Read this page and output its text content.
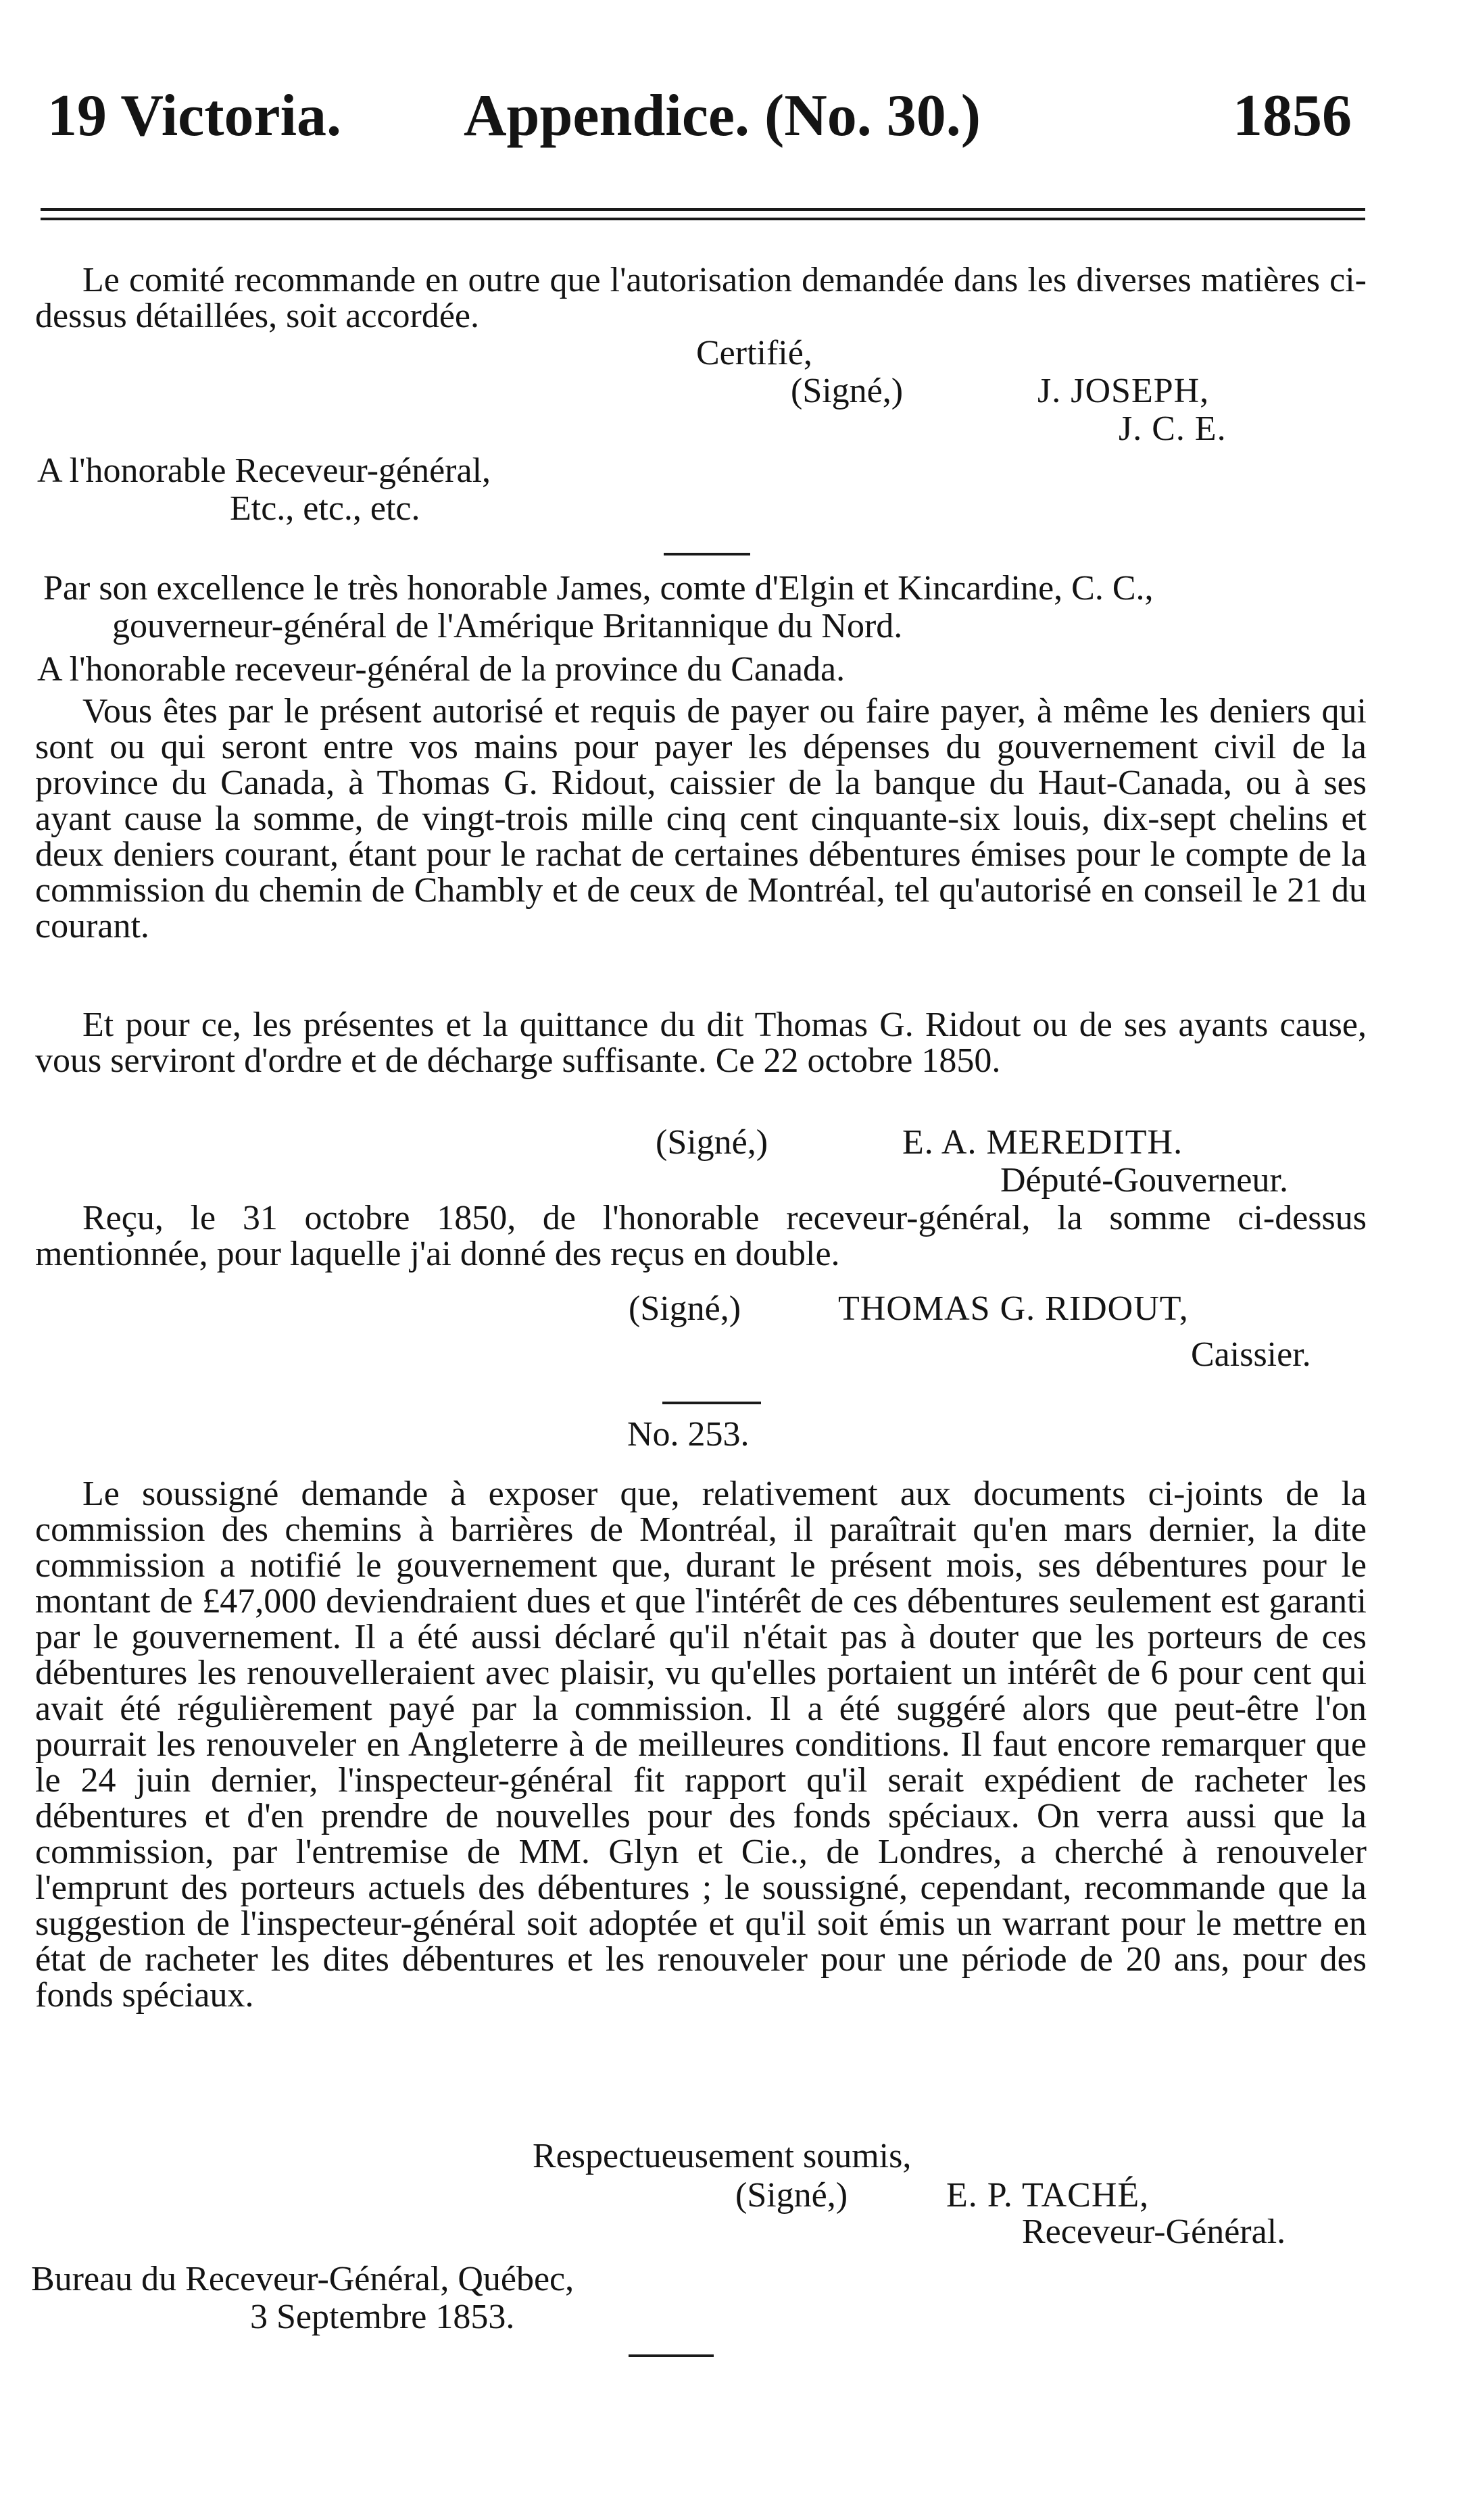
19 Victoria. Appendice. (No. 30.)	1856
Le comité recommande en outre que l'autorisation demandée dans les diverses matières ci-dessus détaillées, soit accordée.
Certifié,
(Signé,)	J. JOSEPH,
J. C. E.
A l'honorable Receveur-général,
Etc., etc., etc.
Par son excellence le très honorable James, comte d'Elgin et Kincardine, C. C.,
gouverneur-général de l'Amérique Britannique du Nord.
A l'honorable receveur-général de la province du Canada.
Vous êtes par le présent autorisé et requis de payer ou faire payer, à même les deniers qui sont ou qui seront entre vos mains pour payer les dépenses du gouvernement civil de la province du Canada, à Thomas G. Ridout, caissier de la banque du Haut-Canada, ou à ses ayant cause la somme, de vingt-trois mille cinq cent cinquante-six louis, dix-sept chelins et deux deniers courant, étant pour le rachat de certaines débentures émises pour le compte de la commission du chemin de Chambly et de ceux de Montréal, tel qu'autorisé en conseil le 21 du courant.
Et pour ce, les présentes et la quittance du dit Thomas G. Ridout ou de ses ayants cause, vous serviront d'ordre et de décharge suffisante. Ce 22 octobre 1850.
(Signé,)	E. A. MEREDITH.
Député-Gouverneur.
Reçu, le 31 octobre 1850, de l'honorable receveur-général, la somme ci-dessus mentionnée, pour laquelle j'ai donné des reçus en double.
(Signé,)	THOMAS G. RIDOUT,
Caissier.
No. 253.
Le soussigné demande à exposer que, relativement aux documents ci-joints de la commission des chemins à barrières de Montréal, il paraîtrait qu'en mars dernier, la dite commission a notifié le gouvernement que, durant le présent mois, ses débentures pour le montant de £47,000 deviendraient dues et que l'intérêt de ces débentures seulement est garanti par le gouvernement. Il a été aussi déclaré qu'il n'était pas à douter que les porteurs de ces débentures les renouvelleraient avec plaisir, vu qu'elles portaient un intérêt de 6 pour cent qui avait été régulièrement payé par la commission. Il a été suggéré alors que peut-être l'on pourrait les renouveler en Angleterre à de meilleures conditions. Il faut encore remarquer que le 24 juin dernier, l'inspecteur-général fit rapport qu'il serait expédient de racheter les débentures et d'en prendre de nouvelles pour des fonds spéciaux. On verra aussi que la commission, par l'entremise de MM. Glyn et Cie., de Londres, a cherché à renouveler l'emprunt des porteurs actuels des débentures ; le soussigné, cependant, recommande que la suggestion de l'inspecteur-général soit adoptée et qu'il soit émis un warrant pour le mettre en état de racheter les dites débentures et les renouveler pour une période de 20 ans, pour des fonds spéciaux.
Respectueusement soumis,
(Signé,)	E. P. TACHÉ,
Receveur-Général.
Bureau du Receveur-Général, Québec,
3 Septembre 1853.
